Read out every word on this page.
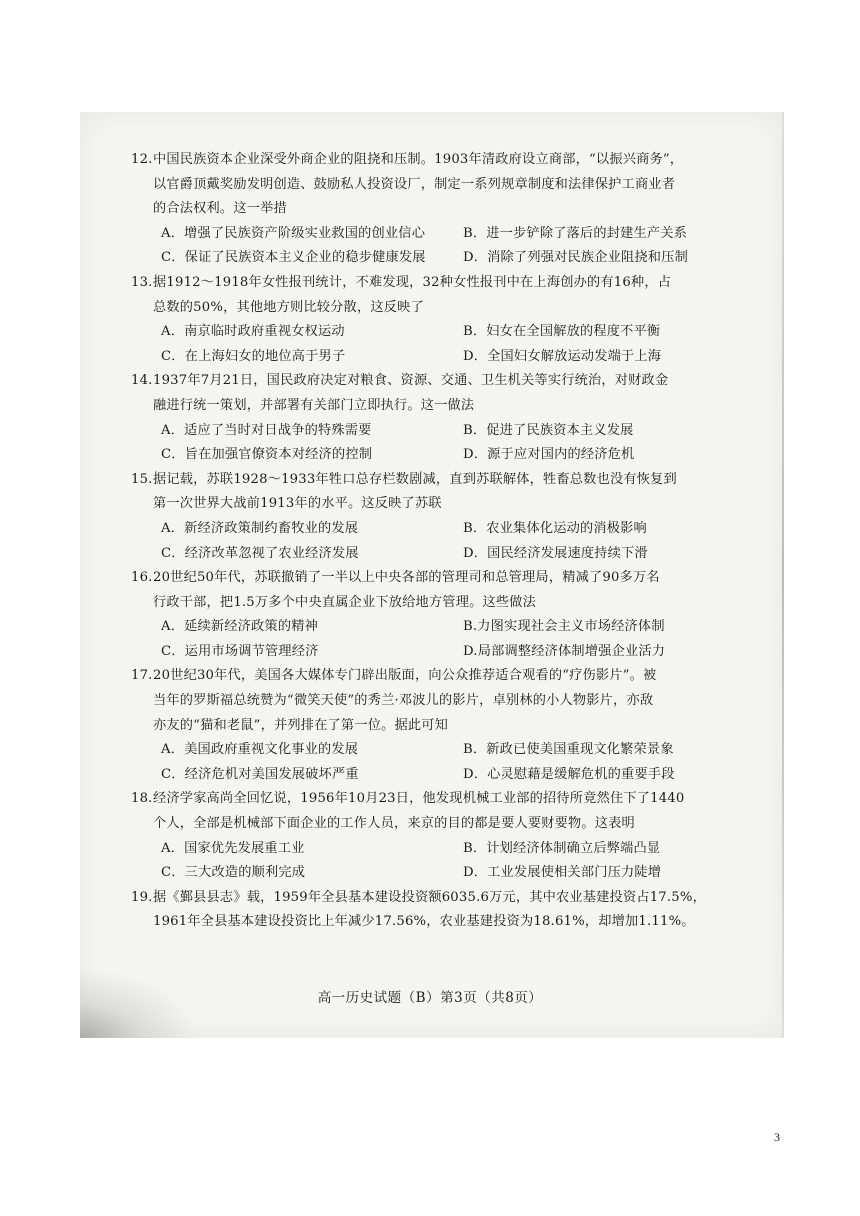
12. 中国民族资本企业深受外商企业的阻挠和压制。1903年清政府设立商部，“以振兴商务”，
以官爵顶戴奖励发明创造、鼓励私人投资设厂，制定一系列规章制度和法律保护工商业者
的合法权利。这一举措
A．增强了民族资产阶级实业救国的创业信心	B．进一步铲除了落后的封建生产关系
C．保证了民族资本主义企业的稳步健康发展	D．消除了列强对民族企业阻挠和压制
13. 据1912～1918年女性报刊统计，不难发现，32种女性报刊中在上海创办的有16种，占
总数的50%，其他地方则比较分散，这反映了
A．南京临时政府重视女权运动	B．妇女在全国解放的程度不平衡
C．在上海妇女的地位高于男子	D．全国妇女解放运动发端于上海
14. 1937年7月21日，国民政府决定对粮食、资源、交通、卫生机关等实行统治，对财政金
融进行统一策划，并部署有关部门立即执行。这一做法
A．适应了当时对日战争的特殊需要	B．促进了民族资本主义发展
C．旨在加强官僚资本对经济的控制	D．源于应对国内的经济危机
15. 据记载，苏联1928～1933年牲口总存栏数剧减，直到苏联解体，牲畜总数也没有恢复到
第一次世界大战前1913年的水平。这反映了苏联
A．新经济政策制约畜牧业的发展	B．农业集体化运动的消极影响
C．经济改革忽视了农业经济发展	D．国民经济发展速度持续下滑
16. 20世纪50年代，苏联撤销了一半以上中央各部的管理司和总管理局，精减了90多万名
行政干部，把1.5万多个中央直属企业下放给地方管理。这些做法
A．延续新经济政策的精神	B.力图实现社会主义市场经济体制
C．运用市场调节管理经济	D.局部调整经济体制增强企业活力
17. 20世纪30年代，美国各大媒体专门辟出版面，向公众推荐适合观看的“疗伤影片”。被
当年的罗斯福总统赞为“微笑天使”的秀兰·邓波儿的影片，卓别林的小人物影片，亦敌
亦友的“猫和老鼠”，并列排在了第一位。据此可知
A．美国政府重视文化事业的发展	B．新政已使美国重现文化繁荣景象
C．经济危机对美国发展破坏严重	D．心灵慰藉是缓解危机的重要手段
18. 经济学家高尚全回忆说，1956年10月23日，他发现机械工业部的招待所竟然住下了1440
个人，全部是机械部下面企业的工作人员，来京的目的都是要人要财要物。这表明
A．国家优先发展重工业	B．计划经济体制确立后弊端凸显
C．三大改造的顺利完成	D．工业发展使相关部门压力陡增
19. 据《鄞县县志》载，1959年全县基本建设投资额6035.6万元，其中农业基建投资占17.5%，
1961年全县基本建设投资比上年减少17.56%，农业基建投资为18.61%，却增加1.11%。
高一历史试题（B）第3页（共8页）
3
